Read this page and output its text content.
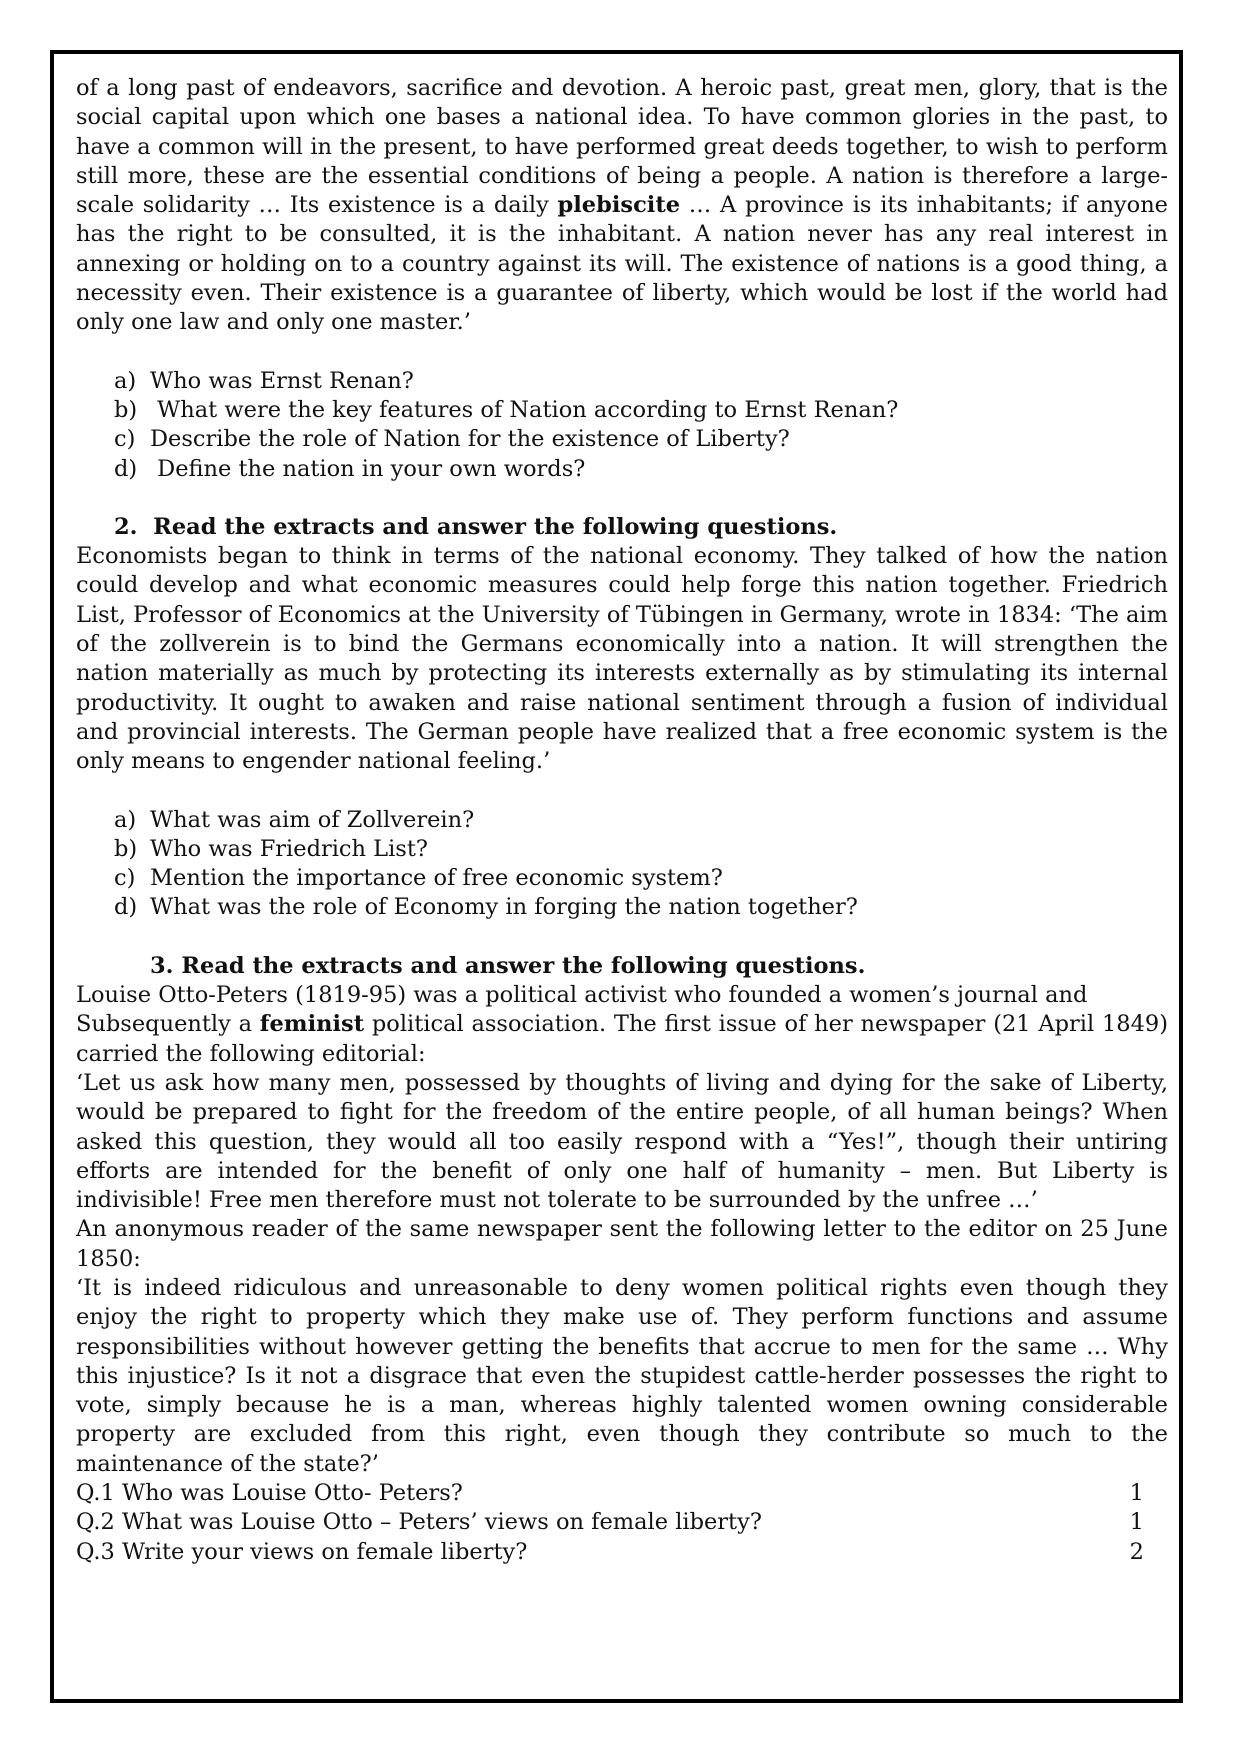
of a long past of endeavors, sacrifice and devotion. A heroic past, great men, glory, that is the social capital upon which one bases a national idea. To have common glories in the past, to have a common will in the present, to have performed great deeds together, to wish to perform still more, these are the essential conditions of being a people. A nation is therefore a large-scale solidarity … Its existence is a daily plebiscite … A province is its inhabitants; if anyone has the right to be consulted, it is the inhabitant. A nation never has any real interest in annexing or holding on to a country against its will. The existence of nations is a good thing, a necessity even. Their existence is a guarantee of liberty, which would be lost if the world had only one law and only one master.’

a) Who was Ernst Renan?
b) What were the key features of Nation according to Ernst Renan?
c) Describe the role of Nation for the existence of Liberty?
d) Define the nation in your own words?

2.  Read the extracts and answer the following questions.

Economists began to think in terms of the national economy. They talked of how the nation could develop and what economic measures could help forge this nation together. Friedrich List, Professor of Economics at the University of Tübingen in Germany, wrote in 1834: ‘The aim of the zollverein is to bind the Germans economically into a nation. It will strengthen the nation materially as much by protecting its interests externally as by stimulating its internal productivity. It ought to awaken and raise national sentiment through a fusion of individual and provincial interests. The German people have realized that a free economic system is the only means to engender national feeling.’

a) What was aim of Zollverein?
b) Who was Friedrich List?
c) Mention the importance of free economic system?
d) What was the role of Economy in forging the nation together?

3. Read the extracts and answer the following questions.

Louise Otto-Peters (1819-95) was a political activist who founded a women’s journal and

Subsequently a feminist political association. The first issue of her newspaper (21 April 1849) carried the following editorial:

‘Let us ask how many men, possessed by thoughts of living and dying for the sake of Liberty, would be prepared to fight for the freedom of the entire people, of all human beings? When asked this question, they would all too easily respond with a “Yes!”, though their untiring efforts are intended for the benefit of only one half of humanity – men. But Liberty is indivisible! Free men therefore must not tolerate to be surrounded by the unfree …’

An anonymous reader of the same newspaper sent the following letter to the editor on 25 June 1850:

‘It is indeed ridiculous and unreasonable to deny women political rights even though they enjoy the right to property which they make use of. They perform functions and assume responsibilities without however getting the benefits that accrue to men for the same … Why this injustice? Is it not a disgrace that even the stupidest cattle-herder possesses the right to vote, simply because he is a man, whereas highly talented women owning considerable property are excluded from this right, even though they contribute so much to the maintenance of the state?’

Q.1 Who was Louise Otto- Peters?	1
Q.2 What was Louise Otto – Peters’ views on female liberty?	1
Q.3 Write your views on female liberty?	2
